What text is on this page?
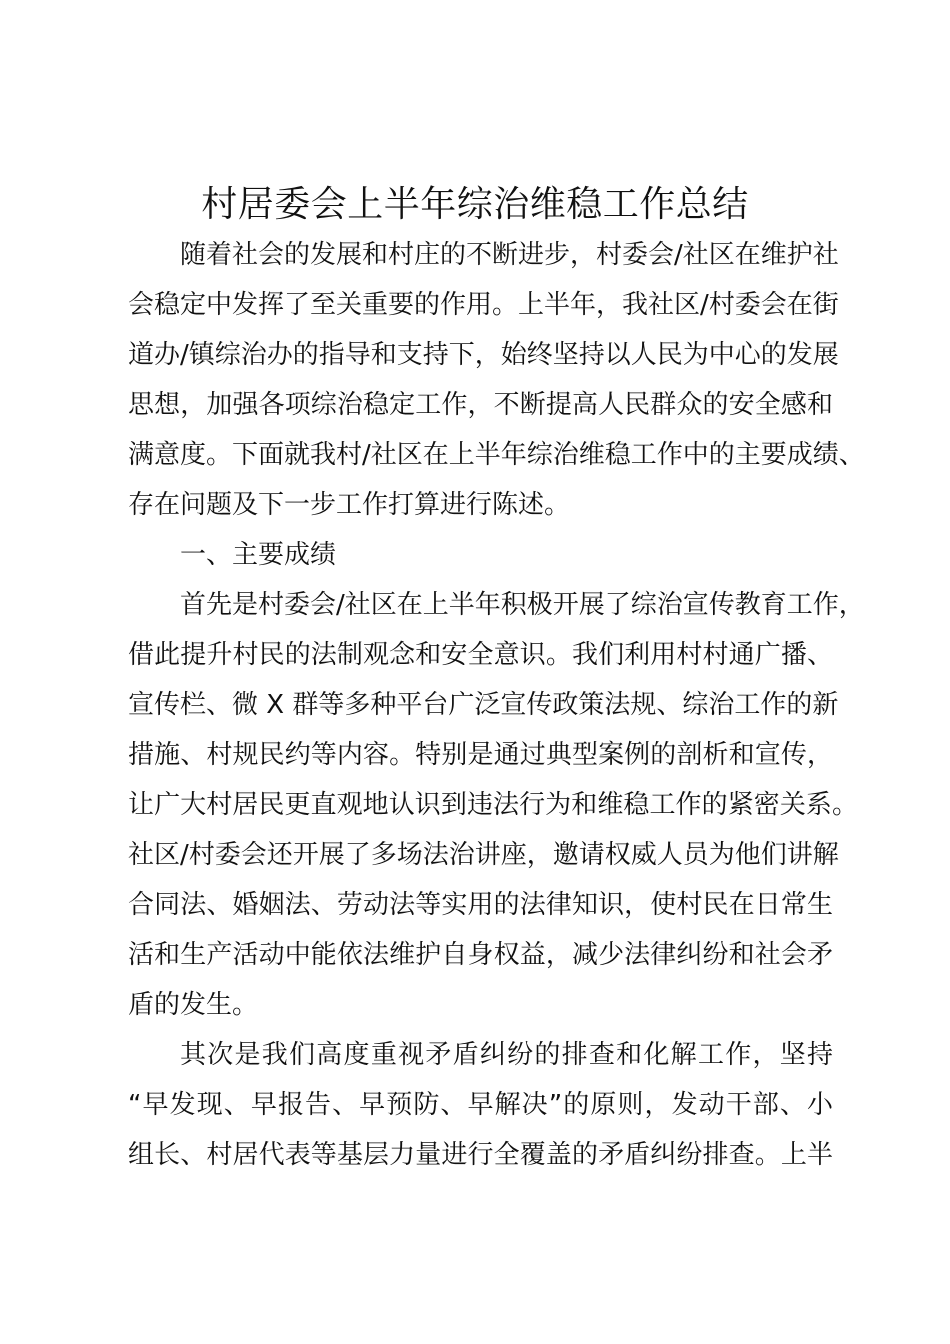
村居委会上半年综治维稳工作总结

随着社会的发展和村庄的不断进步，村委会/社区在维护社

会稳定中发挥了至关重要的作用。上半年，我社区/村委会在街

道办/镇综治办的指导和支持下，始终坚持以人民为中心的发展

思想，加强各项综治稳定工作，不断提高人民群众的安全感和

满意度。下面就我村/社区在上半年综治维稳工作中的主要成绩、

存在问题及下一步工作打算进行陈述。

一、主要成绩

首先是村委会/社区在上半年积极开展了综治宣传教育工作，

借此提升村民的法制观念和安全意识。我们利用村村通广播、

宣传栏、微 X 群等多种平台广泛宣传政策法规、综治工作的新

措施、村规民约等内容。特别是通过典型案例的剖析和宣传，

让广大村居民更直观地认识到违法行为和维稳工作的紧密关系。

社区/村委会还开展了多场法治讲座，邀请权威人员为他们讲解

合同法、婚姻法、劳动法等实用的法律知识，使村民在日常生

活和生产活动中能依法维护自身权益，减少法律纠纷和社会矛

盾的发生。

其次是我们高度重视矛盾纠纷的排查和化解工作，坚持

“早发现、早报告、早预防、早解决”的原则，发动干部、小

组长、村居代表等基层力量进行全覆盖的矛盾纠纷排查。上半
